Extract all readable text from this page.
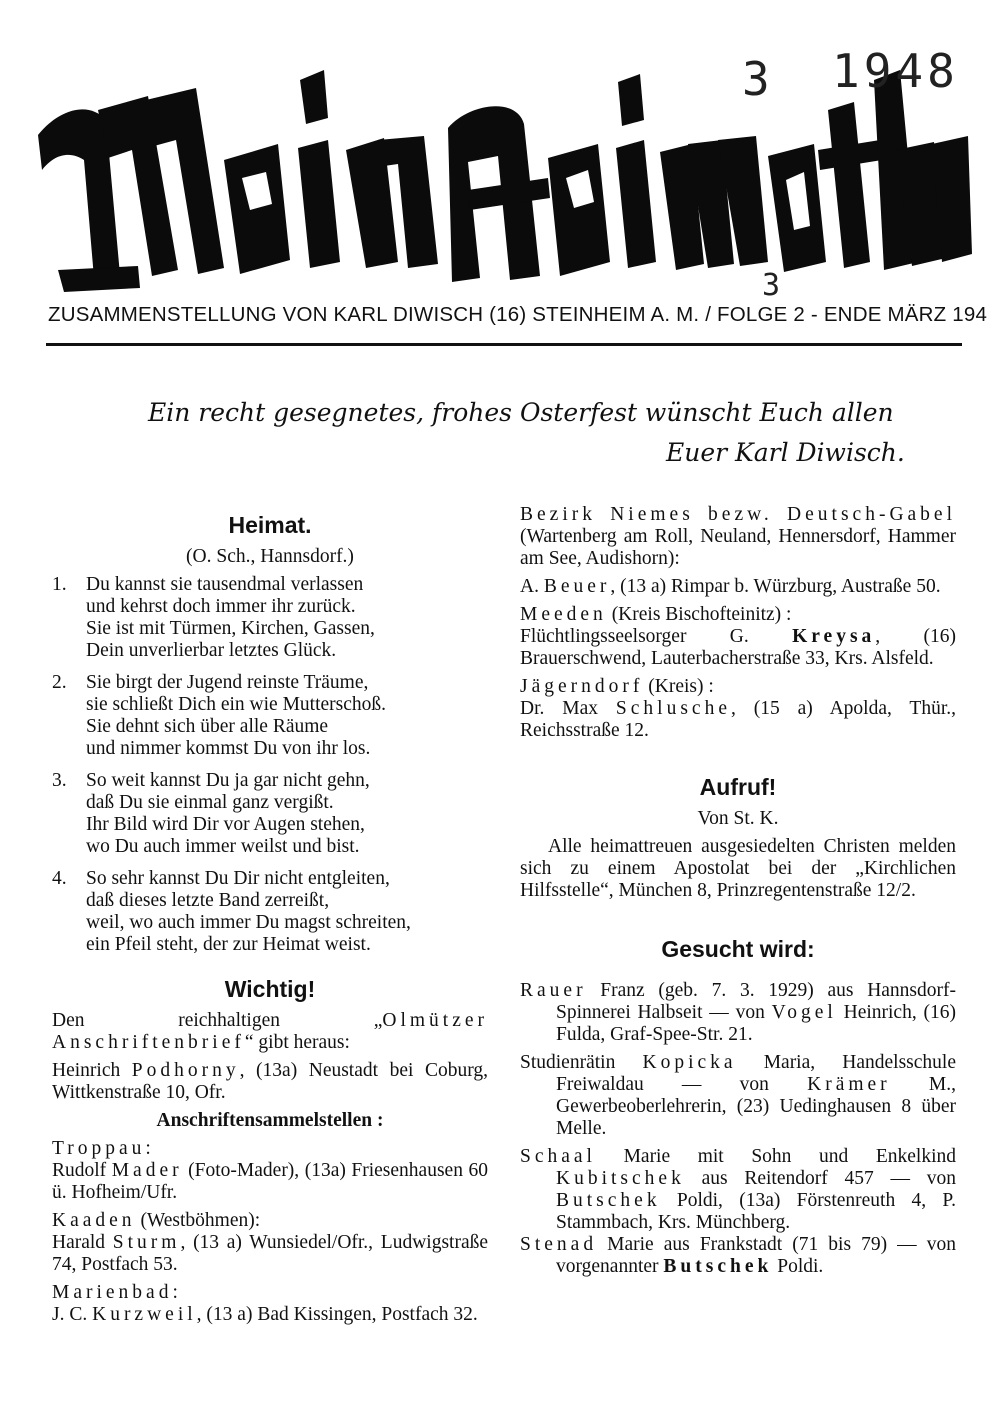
3 1948
3
ZUSAMMENSTELLUNG VON KARL DIWISCH (16) STEINHEIM A. M. / FOLGE 2 - ENDE MÄRZ 194
Ein recht gesegnetes, frohes Osterfest wünscht Euch allen
Euer Karl Diwisch.
Heimat.
(O. Sch., Hannsdorf.)
1. Du kannst sie tausendmal verlassen
und kehrst doch immer ihr zurück.
Sie ist mit Türmen, Kirchen, Gassen,
Dein unverlierbar letztes Glück.
2. Sie birgt der Jugend reinste Träume,
sie schließt Dich ein wie Mutterschoß.
Sie dehnt sich über alle Räume
und nimmer kommst Du von ihr los.
3. So weit kannst Du ja gar nicht gehn,
daß Du sie einmal ganz vergißt.
Ihr Bild wird Dir vor Augen stehen,
wo Du auch immer weilst und bist.
4. So sehr kannst Du Dir nicht entgleiten,
daß dieses letzte Band zerreißt,
weil, wo auch immer Du magst schreiten,
ein Pfeil steht, der zur Heimat weist.
Wichtig!
Den reichhaltigen „Olmützer Anschriftenbrief“ gibt heraus:
Heinrich Podhorny, (13a) Neustadt bei Coburg, Wittkenstraße 10, Ofr.
Anschriftensammelstellen :
Troppau:
Rudolf Mader (Foto-Mader), (13a) Friesenhausen 60 ü. Hofheim/Ufr.
Kaaden (Westböhmen):
Harald Sturm, (13 a) Wunsiedel/Ofr., Ludwigstraße 74, Postfach 53.
Marienbad:
J. C. Kurzweil, (13 a) Bad Kissingen, Postfach 32.
Bezirk Niemes bezw. Deutsch-Gabel (Wartenberg am Roll, Neuland, Hennersdorf, Hammer am See, Audishorn):
A. Beuer, (13 a) Rimpar b. Würzburg, Austraße 50.
Meeden (Kreis Bischofteinitz) :
Flüchtlingsseelsorger G. Kreysa, (16) Brauerschwend, Lauterbacherstraße 33, Krs. Alsfeld.
Jägerndorf (Kreis) :
Dr. Max Schlusche, (15 a) Apolda, Thür., Reichsstraße 12.
Aufruf!
Von St. K.
Alle heimattreuen ausgesiedelten Christen melden sich zu einem Apostolat bei der „Kirchlichen Hilfsstelle“, München 8, Prinzregentenstraße 12/2.
Gesucht wird:
Rauer Franz (geb. 7. 3. 1929) aus Hannsdorf-Spinnerei Halbseit — von Vogel Heinrich, (16) Fulda, Graf-Spee-Str. 21.
Studienrätin Kopicka Maria, Handelsschule Freiwaldau — von Krämer M., Gewerbeoberlehrerin, (23) Uedinghausen 8 über Melle.
Schaal Marie mit Sohn und Enkelkind Kubitschek aus Reitendorf 457 — von Butschek Poldi, (13a) Förstenreuth 4, P. Stammbach, Krs. Münchberg.
Stenad Marie aus Frankstadt (71 bis 79) — von vorgenannter Butschek Poldi.
